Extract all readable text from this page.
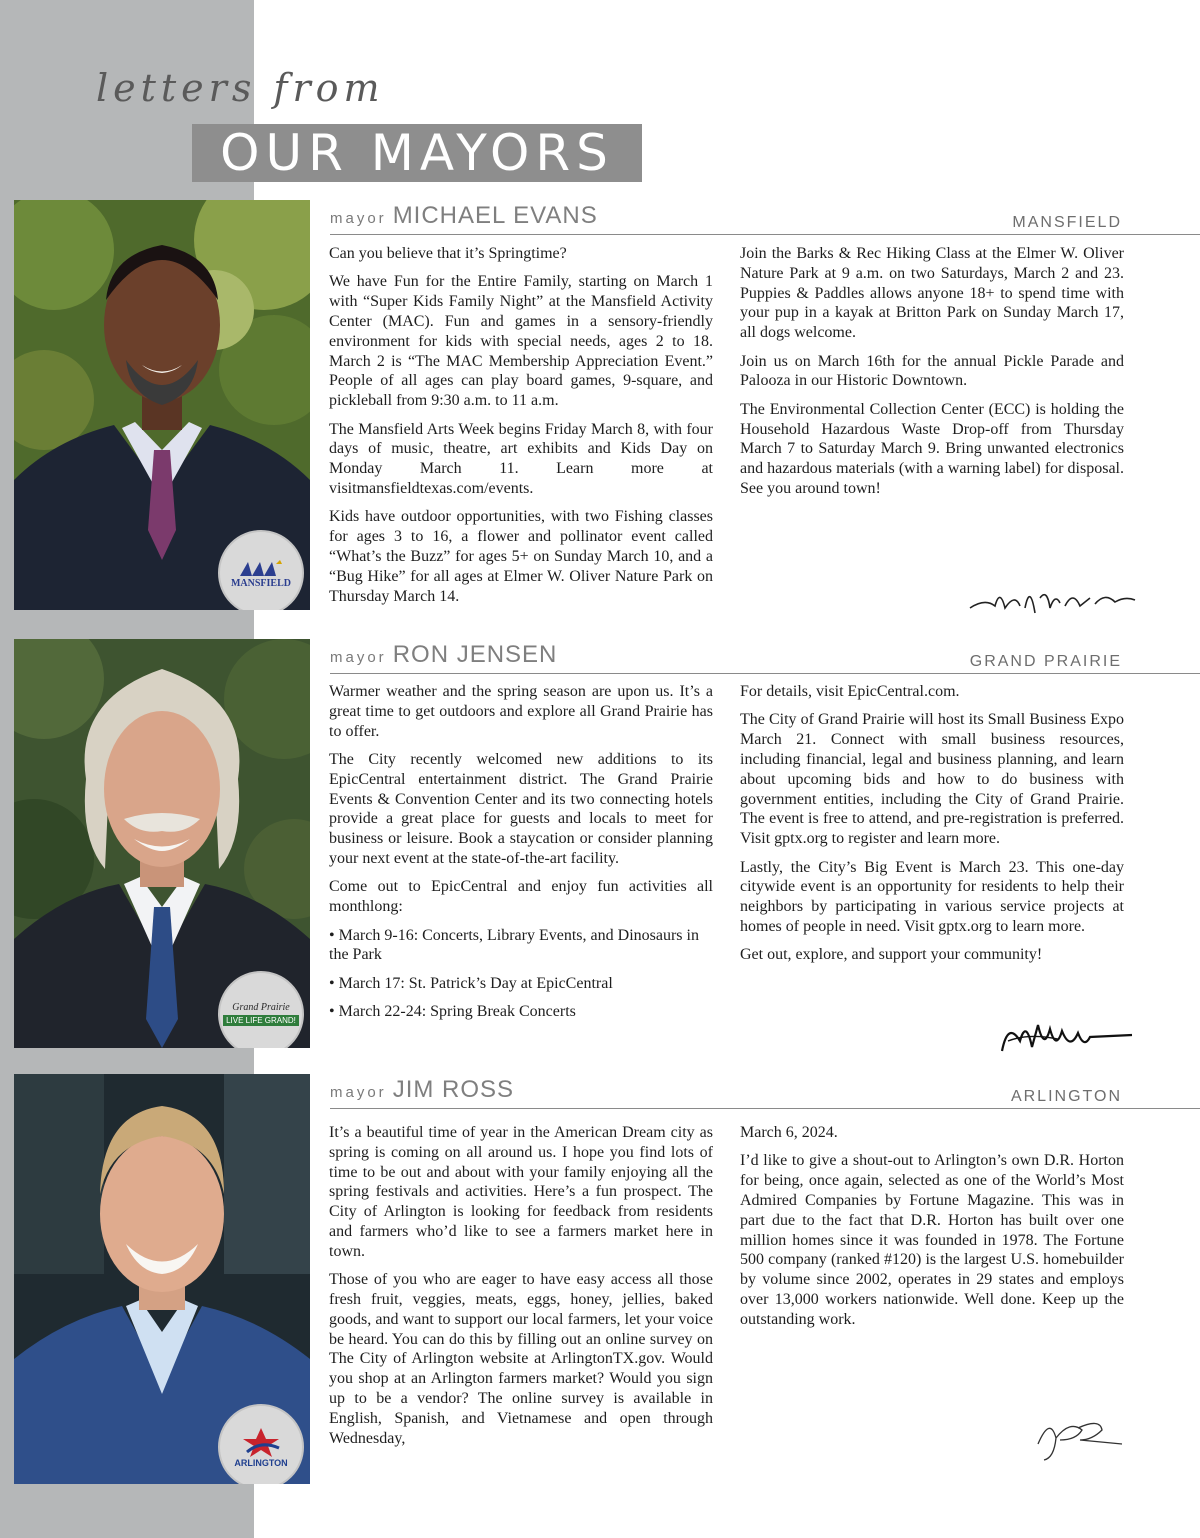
letters from
OUR MAYORS
MANSFIELD
mayor MICHAEL EVANS	MANSFIELD

Can you believe that it’s Springtime?

We have Fun for the Entire Family, starting on March 1 with “Super Kids Family Night” at the Mansfield Activity Center (MAC). Fun and games in a sensory-friendly environment for kids with special needs, ages 2 to 18. March 2 is “The MAC Membership Appreciation Event.” People of all ages can play board games, 9-square, and pickleball from 9:30 a.m. to 11 a.m.

The Mansfield Arts Week begins Friday March 8, with four days of music, theatre, art exhibits and Kids Day on Monday March 11. Learn more at visitmansfieldtexas.com/events.

Kids have outdoor opportunities, with two Fishing classes for ages 3 to 16, a flower and pollinator event called “What’s the Buzz” for ages 5+ on Sunday March 10, and a “Bug Hike” for all ages at Elmer W. Oliver Nature Park on Thursday March 14.

Join the Barks & Rec Hiking Class at the Elmer W. Oliver Nature Park at 9 a.m. on two Saturdays, March 2 and 23. Puppies & Paddles allows anyone 18+ to spend time with your pup in a kayak at Britton Park on Sunday March 17, all dogs welcome.

Join us on March 16th for the annual Pickle Parade and Palooza in our Historic Downtown.

The Environmental Collection Center (ECC) is holding the Household Hazardous Waste Drop-off from Thursday March 7 to Saturday March 9. Bring unwanted electronics and hazardous materials (with a warning label) for disposal. See you around town!

Grand Prairie
LIVE LIFE GRAND!
mayor RON JENSEN	GRAND PRAIRIE

Warmer weather and the spring season are upon us. It’s a great time to get outdoors and explore all Grand Prairie has to offer.

The City recently welcomed new additions to its EpicCentral entertainment district. The Grand Prairie Events & Convention Center and its two connecting hotels provide a great place for guests and locals to meet for business or leisure. Book a staycation or consider planning your next event at the state-of-the-art facility.

Come out to EpicCentral and enjoy fun activities all monthlong:

• March 9-16: Concerts, Library Events, and Dinosaurs in the Park

• March 17: St. Patrick’s Day at EpicCentral

• March 22-24: Spring Break Concerts

For details, visit EpicCentral.com.

The City of Grand Prairie will host its Small Business Expo March 21. Connect with small business resources, including financial, legal and business planning, and learn about upcoming bids and how to do business with government entities, including the City of Grand Prairie. The event is free to attend, and pre-registration is preferred. Visit gptx.org to register and learn more.

Lastly, the City’s Big Event is March 23. This one-day citywide event is an opportunity for residents to help their neighbors by participating in various service projects at homes of people in need. Visit gptx.org to learn more.

Get out, explore, and support your community!

ARLINGTON
mayor JIM ROSS	ARLINGTON

It’s a beautiful time of year in the American Dream city as spring is coming on all around us. I hope you find lots of time to be out and about with your family enjoying all the spring festivals and activities. Here’s a fun prospect. The City of Arlington is looking for feedback from residents and farmers who’d like to see a farmers market here in town.

Those of you who are eager to have easy access all those fresh fruit, veggies, meats, eggs, honey, jellies, baked goods, and want to support our local farmers, let your voice be heard. You can do this by filling out an online survey on The City of Arlington website at ArlingtonTX.gov. Would you shop at an Arlington farmers market? Would you sign up to be a vendor? The online survey is available in English, Spanish, and Vietnamese and open through Wednesday,

March 6, 2024.

I’d like to give a shout-out to Arlington’s own D.R. Horton for being, once again, selected as one of the World’s Most Admired Companies by Fortune Magazine. This was in part due to the fact that D.R. Horton has built over one million homes since it was founded in 1978. The Fortune 500 company (ranked #120) is the largest U.S. homebuilder by volume since 2002, operates in 29 states and employs over 13,000 workers nationwide. Well done. Keep up the outstanding work.
